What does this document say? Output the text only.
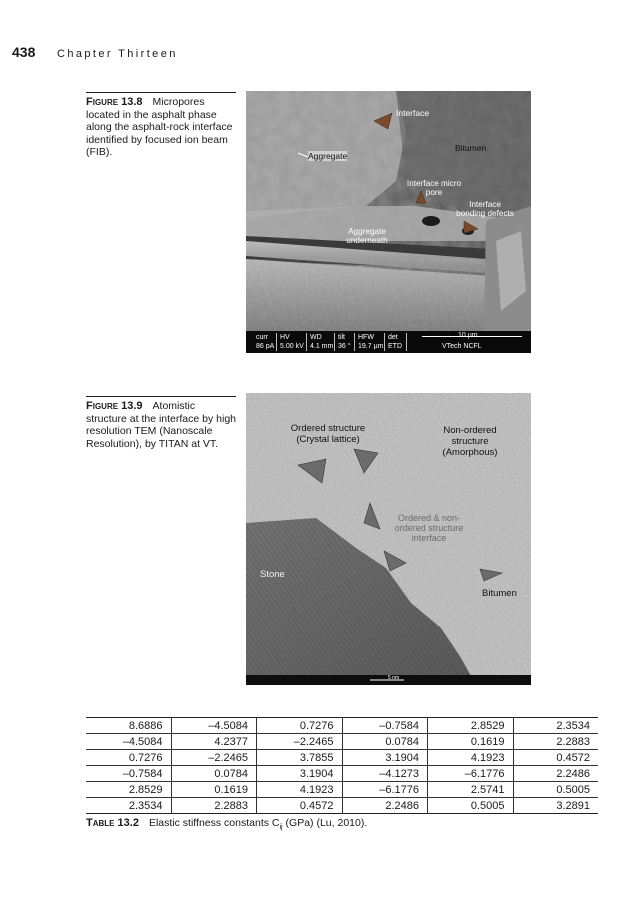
438 Chapter Thirteen
Figure 13.8 Micropores located in the asphalt phase along the asphalt-rock interface identified by focused ion beam (FIB).
Interface
Bitumen
Aggregate
Interface micro
pore
Interface
bonding defects
Aggregate
underneath
curr
86 pA
HV
5.00 kV
WD
4.1 mm
tilt
36 °
HFW
19.7 μm
det
ETD
10 μm
VTech NCFL
Figure 13.9 Atomistic structure at the interface by high resolution TEM (Nanoscale Resolution), by TITAN at VT.
Ordered structure
(Crystal lattice)
Non-ordered
structure
(Amorphous)
Ordered & non-
ordered structure
interface
Stone
Bitumen
5 nm
8.6886	–4.5084	0.7276	–0.7584	2.8529	2.3534
–4.5084	4.2377	–2.2465	0.0784	0.1619	2.2883
0.7276	–2.2465	3.7855	3.1904	4.1923	0.4572
–0.7584	0.0784	3.1904	–4.1273	–6.1776	2.2486
2.8529	0.1619	4.1923	–6.1776	2.5741	0.5005
2.3534	2.2883	0.4572	2.2486	0.5005	3.2891
Table 13.2 Elastic stiffness constants $C_{ij}$ (GPa) (Lu, 2010).
